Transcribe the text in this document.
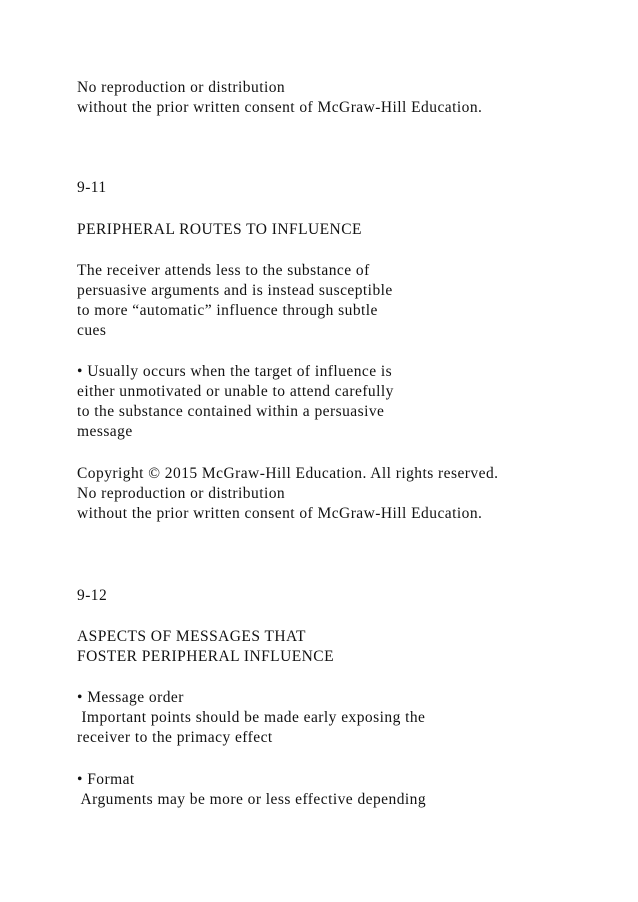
No reproduction or distribution
without the prior written consent of McGraw-Hill Education.
9-11
PERIPHERAL ROUTES TO INFLUENCE
The receiver attends less to the substance of
persuasive arguments and is instead susceptible
to more “automatic” influence through subtle
cues
• Usually occurs when the target of influence is
either unmotivated or unable to attend carefully
to the substance contained within a persuasive
message
Copyright © 2015 McGraw-Hill Education. All rights reserved.
No reproduction or distribution
without the prior written consent of McGraw-Hill Education.
9-12
ASPECTS OF MESSAGES THAT
FOSTER PERIPHERAL INFLUENCE
• Message order
Important points should be made early exposing the
receiver to the primacy effect
• Format
Arguments may be more or less effective depending
